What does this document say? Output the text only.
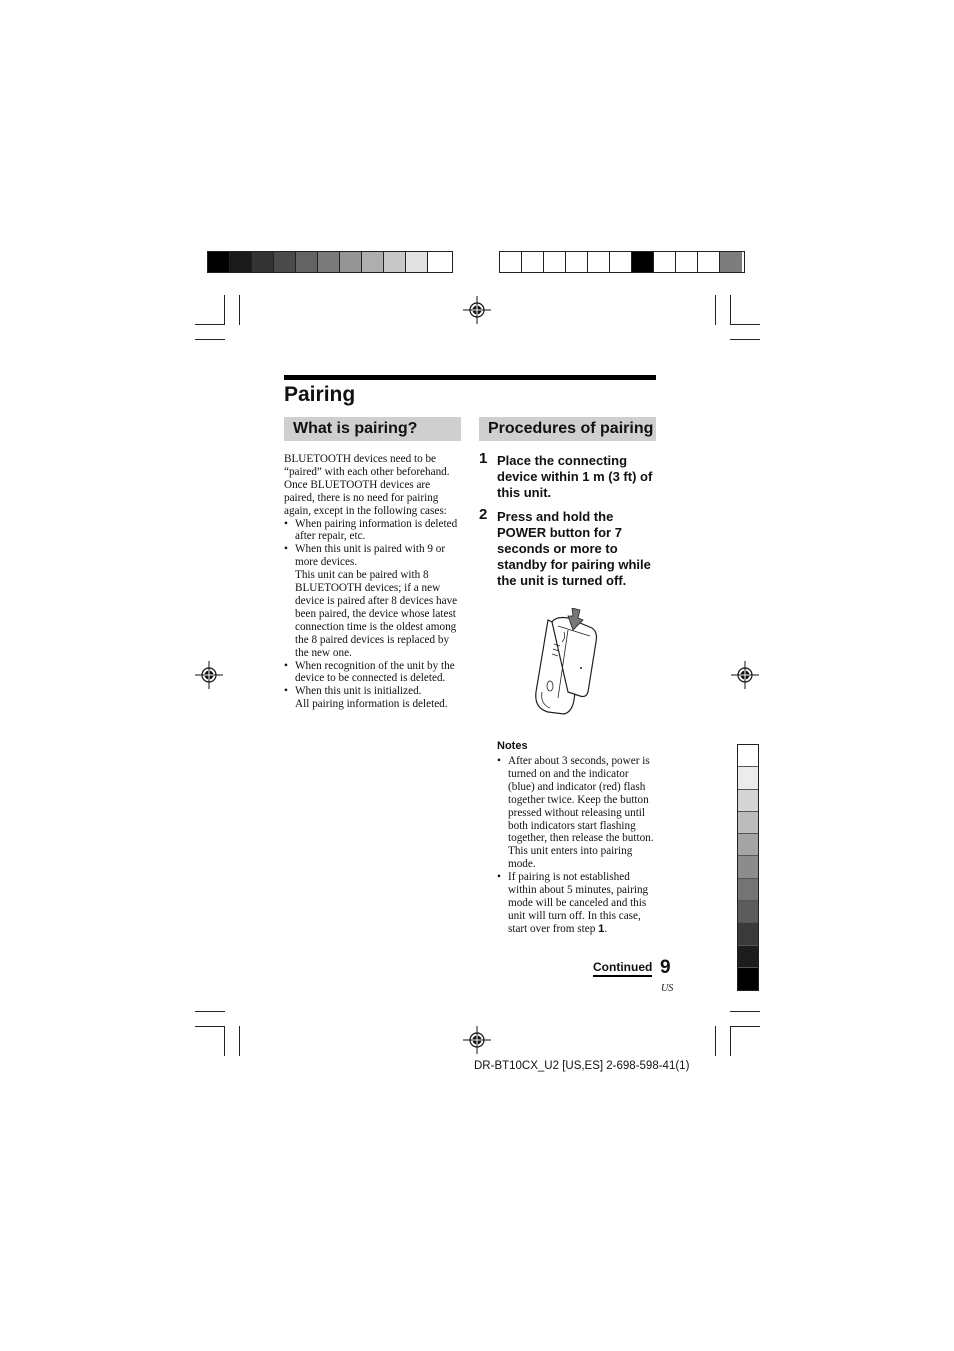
Pairing
What is pairing?

BLUETOOTH devices need to be “paired” with each other beforehand.

Once BLUETOOTH devices are paired, there is no need for pairing again, except in the following cases:

• When pairing information is deleted after repair, etc.
• When this unit is paired with 9 or more devices.
This unit can be paired with 8 BLUETOOTH devices; if a new device is paired after 8 devices have been paired, the device whose latest connection time is the oldest among the 8 paired devices is replaced by the new one.
• When recognition of the unit by the device to be connected is deleted.
• When this unit is initialized.
All pairing information is deleted.
Procedures of pairing
1 Place the connecting device within 1 m (3 ft) of this unit.
2 Press and hold the POWER button for 7 seconds or more to standby for pairing while the unit is turned off.
Notes
• After about 3 seconds, power is turned on and the indicator (blue) and indicator (red) flash together twice. Keep the button pressed without releasing until both indicators start flashing together, then release the button. This unit enters into pairing mode.
• If pairing is not established within about 5 minutes, pairing mode will be canceled and this unit will turn off. In this case, start over from step 1.
Continued 9
US
DR-BT10CX_U2 [US,ES] 2-698-598-41(1)
